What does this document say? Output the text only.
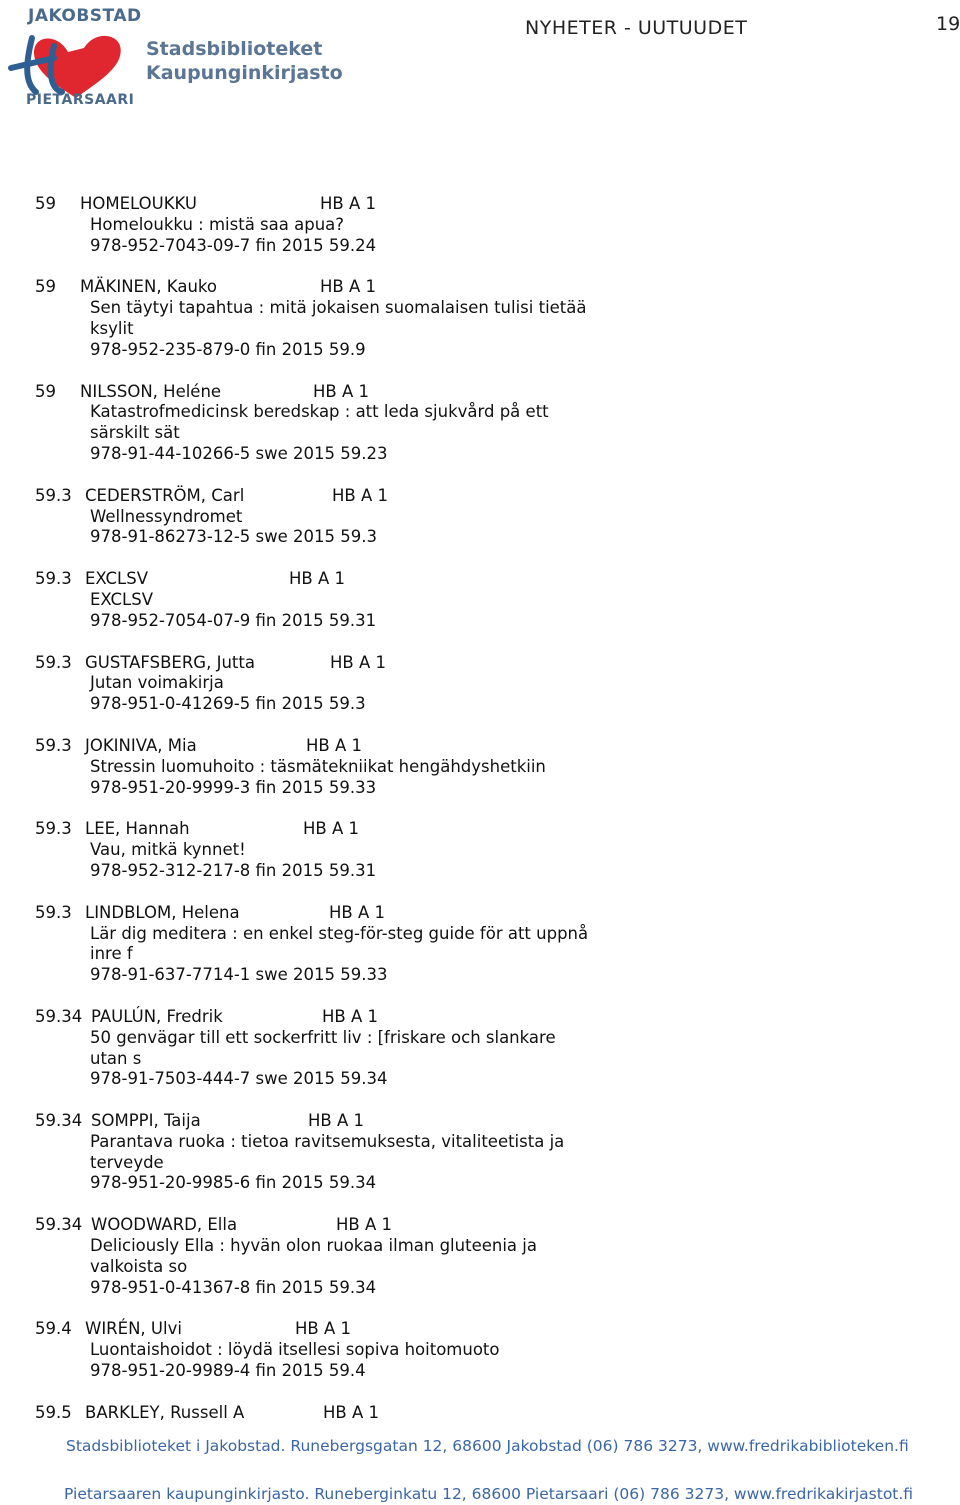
JAKOBSTAD
Stadsbiblioteket
Kaupunginkirjasto
PIETARSAARI
NYHETER - UUTUUDET	19
59	HOMELOUKKU	HB A 1
Homeloukku : mistä saa apua?
978-952-7043-09-7 fin 2015 59.24
59	MÄKINEN, Kauko	HB A 1
Sen täytyi tapahtua : mitä jokaisen suomalaisen tulisi tietää ksylit
978-952-235-879-0 fin 2015 59.9
59	NILSSON, Heléne	HB A 1
Katastrofmedicinsk beredskap : att leda sjukvård på ett särskilt sät
978-91-44-10266-5 swe 2015 59.23
59.3 CEDERSTRÖM, Carl	HB A 1
Wellnessyndromet
978-91-86273-12-5 swe 2015 59.3
59.3 EXCLSV	HB A 1
EXCLSV
978-952-7054-07-9 fin 2015 59.31
59.3 GUSTAFSBERG, Jutta	HB A 1
Jutan voimakirja
978-951-0-41269-5 fin 2015 59.3
59.3 JOKINIVA, Mia	HB A 1
Stressin luomuhoito : täsmätekniikat hengähdyshetkiin
978-951-20-9999-3 fin 2015 59.33
59.3 LEE, Hannah	HB A 1
Vau, mitkä kynnet!
978-952-312-217-8 fin 2015 59.31
59.3 LINDBLOM, Helena	HB A 1
Lär dig meditera : en enkel steg-för-steg guide för att uppnå inre f
978-91-637-7714-1 swe 2015 59.33
59.34 PAULÚN, Fredrik	HB A 1
50 genvägar till ett sockerfritt liv : [friskare och slankare utan s
978-91-7503-444-7 swe 2015 59.34
59.34 SOMPPI, Taija	HB A 1
Parantava ruoka : tietoa ravitsemuksesta, vitaliteetista ja terveyde
978-951-20-9985-6 fin 2015 59.34
59.34 WOODWARD, Ella	HB A 1
Deliciously Ella : hyvän olon ruokaa ilman gluteenia ja valkoista so
978-951-0-41367-8 fin 2015 59.34
59.4 WIRÉN, Ulvi	HB A 1
Luontaishoidot : löydä itsellesi sopiva hoitomuoto
978-951-20-9989-4 fin 2015 59.4
59.5 BARKLEY, Russell A	HB A 1
Stadsbiblioteket i Jakobstad. Runebergsgatan 12, 68600 Jakobstad (06) 786 3273, www.fredrikabiblioteken.fi
Pietarsaaren kaupunginkirjasto. Runeberginkatu 12, 68600 Pietarsaari (06) 786 3273, www.fredrikakirjastot.fi
